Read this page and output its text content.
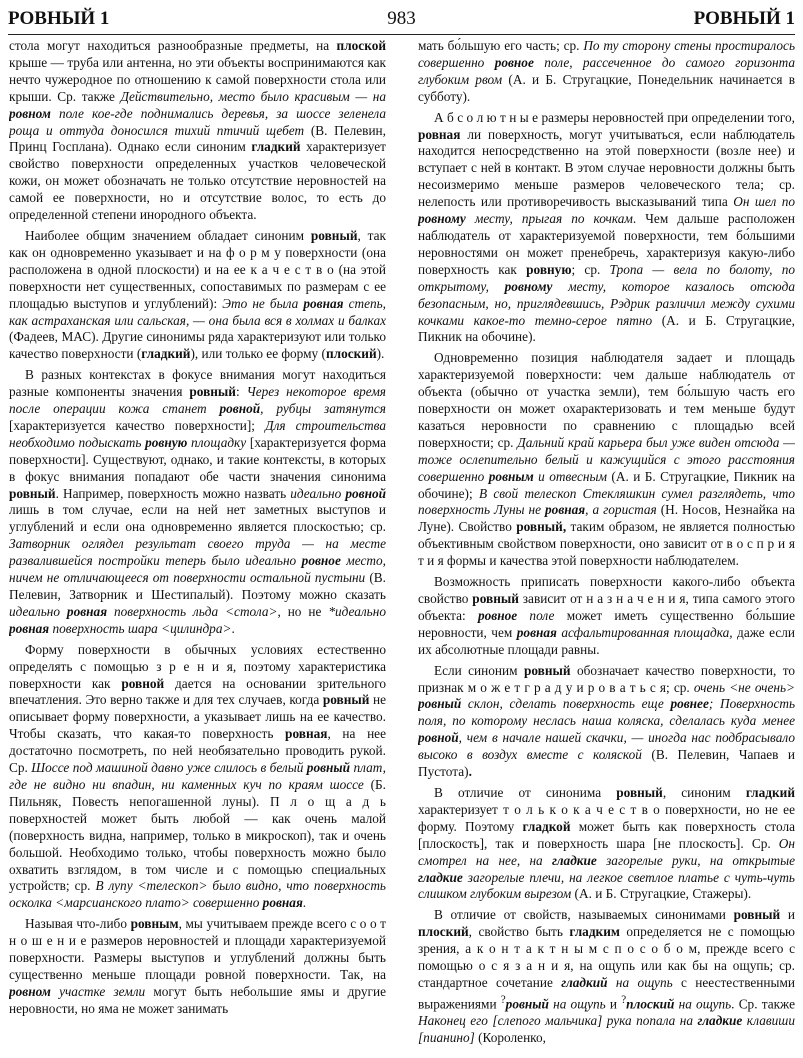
983
РОВНЫЙ 1	РОВНЫЙ 1

стола могут находиться разнообразные предметы, на плоской крыше — труба или антенна, но эти объекты воспринимаются как нечто чужеродное по отношению к самой поверхности стола или крыши. Ср. также Действительно, место было красивым — на ровном поле кое-где поднимались деревья, за шоссе зеленела роща и оттуда доносился тихий птичий щебет (В. Пелевин, Принц Госплана). Однако если синоним гладкий характеризует свойство поверхности определенных участков человеческой кожи, он может обозначать не только отсутствие неровностей на самой ее поверхности, но и отсутствие волос, то есть до определенной степени инородного объекта.

Наиболее общим значением обладает синоним ровный, так как он одновременно указывает и на ф о р м у поверхности (она расположена в одной плоскости) и на ее к а ч е с т в о (на этой поверхности нет существенных, сопоставимых по размерам с ее площадью выступов и углублений): Это не была ровная степь, как астраханская или сальская, — она была вся в холмах и балках (Фадеев, МАС). Другие синонимы ряда характеризуют или только качество поверхности (гладкий), или только ее форму (плоский).

В разных контекстах в фокусе внимания могут находиться разные компоненты значения ровный: Через некоторое время после операции кожа станет ровной, рубцы затянутся [характеризуется качество поверхности]; Для строительства необходимо подыскать ровную площадку [характеризуется форма поверхности]. Существуют, однако, и такие контексты, в которых в фокус внимания попадают обе части значения синонима ровный. Например, поверхность можно назвать идеально ровной лишь в том случае, если на ней нет заметных выступов и углублений и если она одновременно является плоскостью; ср. Затворник оглядел результат своего труда — на месте развалившейся постройки теперь было идеально ровное место, ничем не отличающееся от поверхности остальной пустыни (В. Пелевин, Затворник и Шестипалый). Поэтому можно сказать идеально ровная поверхность льда <стола>, но не *идеально ровная поверхность шара <цилиндра>.

Форму поверхности в обычных условиях естественно определять с помощью з р е н и я, поэтому характеристика поверхности как ровной дается на основании зрительного впечатления. Это верно также и для тех случаев, когда ровный не описывает форму поверхности, а указывает лишь на ее качество. Чтобы сказать, что какая-то поверхность ровная, на нее достаточно посмотреть, по ней необязательно проводить рукой. Ср. Шоссе под машиной давно уже слилось в белый ровный плат, где не видно ни впадин, ни каменных куч по краям шоссе (Б. Пильняк, Повесть непогашенной луны). П л о щ а д ь поверхностей может быть любой — как очень малой (поверхность видна, например, только в микроскоп), так и очень большой. Необходимо только, чтобы поверхность можно было охватить взглядом, в том числе и с помощью специальных устройств; ср. В лупу <телескоп> было видно, что поверхность осколка <марсианского плато> совершенно ровная.

Называя что-либо ровным, мы учитываем прежде всего с о о т н о ш е н и е размеров неровностей и площади характеризуемой поверхности. Размеры выступов и углублений должны быть существенно меньше площади ровной поверхности. Так, на ровном участке земли могут быть небольшие ямы и другие неровности, но яма не может занимать

мать бо́льшую его часть; ср. По ту сторону стены простиралось совершенно ровное поле, рассеченное до самого горизонта глубоким рвом (А. и Б. Стругацкие, Понедельник начинается в субботу).

А б с о л ю т н ы е размеры неровностей при определении того, ровная ли поверхность, могут учитываться, если наблюдатель находится непосредственно на этой поверхности (возле нее) и вступает с ней в контакт. В этом случае неровности должны быть несоизмеримо меньше размеров человеческого тела; ср. нелепость или противоречивость высказываний типа Он шел по ровному месту, прыгая по кочкам. Чем дальше расположен наблюдатель от характеризуемой поверхности, тем бо́льшими неровностями он может пренебречь, характеризуя какую-либо поверхность как ровную; ср. Тропа — вела по болоту, по открытому, ровному месту, которое казалось отсюда безопасным, но, приглядевшись, Рэдрик различил между сухими кочками какое-то темно-серое пятно (А. и Б. Стругацкие, Пикник на обочине).

Одновременно позиция наблюдателя задает и площадь характеризуемой поверхности: чем дальше наблюдатель от объекта (обычно от участка земли), тем бо́льшую часть его поверхности он может охарактеризовать и тем меньше будут казаться неровности по сравнению с площадью всей поверхности; ср. Дальний край карьера был уже виден отсюда — тоже ослепительно белый и кажущийся с этого расстояния совершенно ровным и отвесным (А. и Б. Стругацкие, Пикник на обочине); В свой телескоп Стекляшкин сумел разглядеть, что поверхность Луны не ровная, а гористая (Н. Носов, Незнайка на Луне). Свойство ровный, таким образом, не является полностью объективным свойством поверхности, оно зависит от в о с п р и я т и я формы и качества этой поверхности наблюдателем.

Возможность приписать поверхности какого-либо объекта свойство ровный зависит от н а з н а ч е н и я, типа самого этого объекта: ровное поле может иметь существенно бо́льшие неровности, чем ровная асфальтированная площадка, даже если их абсолютные площади равны.

Если синоним ровный обозначает качество поверхности, то признак м о ж е т г р а д у и р о в а т ь с я; ср. очень <не очень> ровный склон, сделать поверхность еще ровнее; Поверхность поля, по которому неслась наша коляска, сделалась куда менее ровной, чем в начале нашей скачки, — иногда нас подбрасывало высоко в воздух вместе с коляской (В. Пелевин, Чапаев и Пустота).

В отличие от синонима ровный, синоним гладкий характеризует т о л ь к о к а ч е с т в о поверхности, но не ее форму. Поэтому гладкой может быть как поверхность стола [плоскость], так и поверхность шара [не плоскость]. Ср. Он смотрел на нее, на гладкие загорелые руки, на открытые гладкие загорелые плечи, на легкое светлое платье с чуть-чуть слишком глубоким вырезом (А. и Б. Стругацкие, Стажеры).

В отличие от свойств, называемых синонимами ровный и плоский, свойство быть гладким определяется не с помощью зрения, а к о н т а к т н ы м с п о с о б о м, прежде всего с помощью о с я з а н и я, на ощупь или как бы на ощупь; ср. стандартное сочетание гладкий на ощупь с неестественными выражениями ?ровный на ощупь и ?плоский на ощупь. Ср. также Наконец его [слепого мальчика] рука попала на гладкие клавиши [пианино] (Короленко,
